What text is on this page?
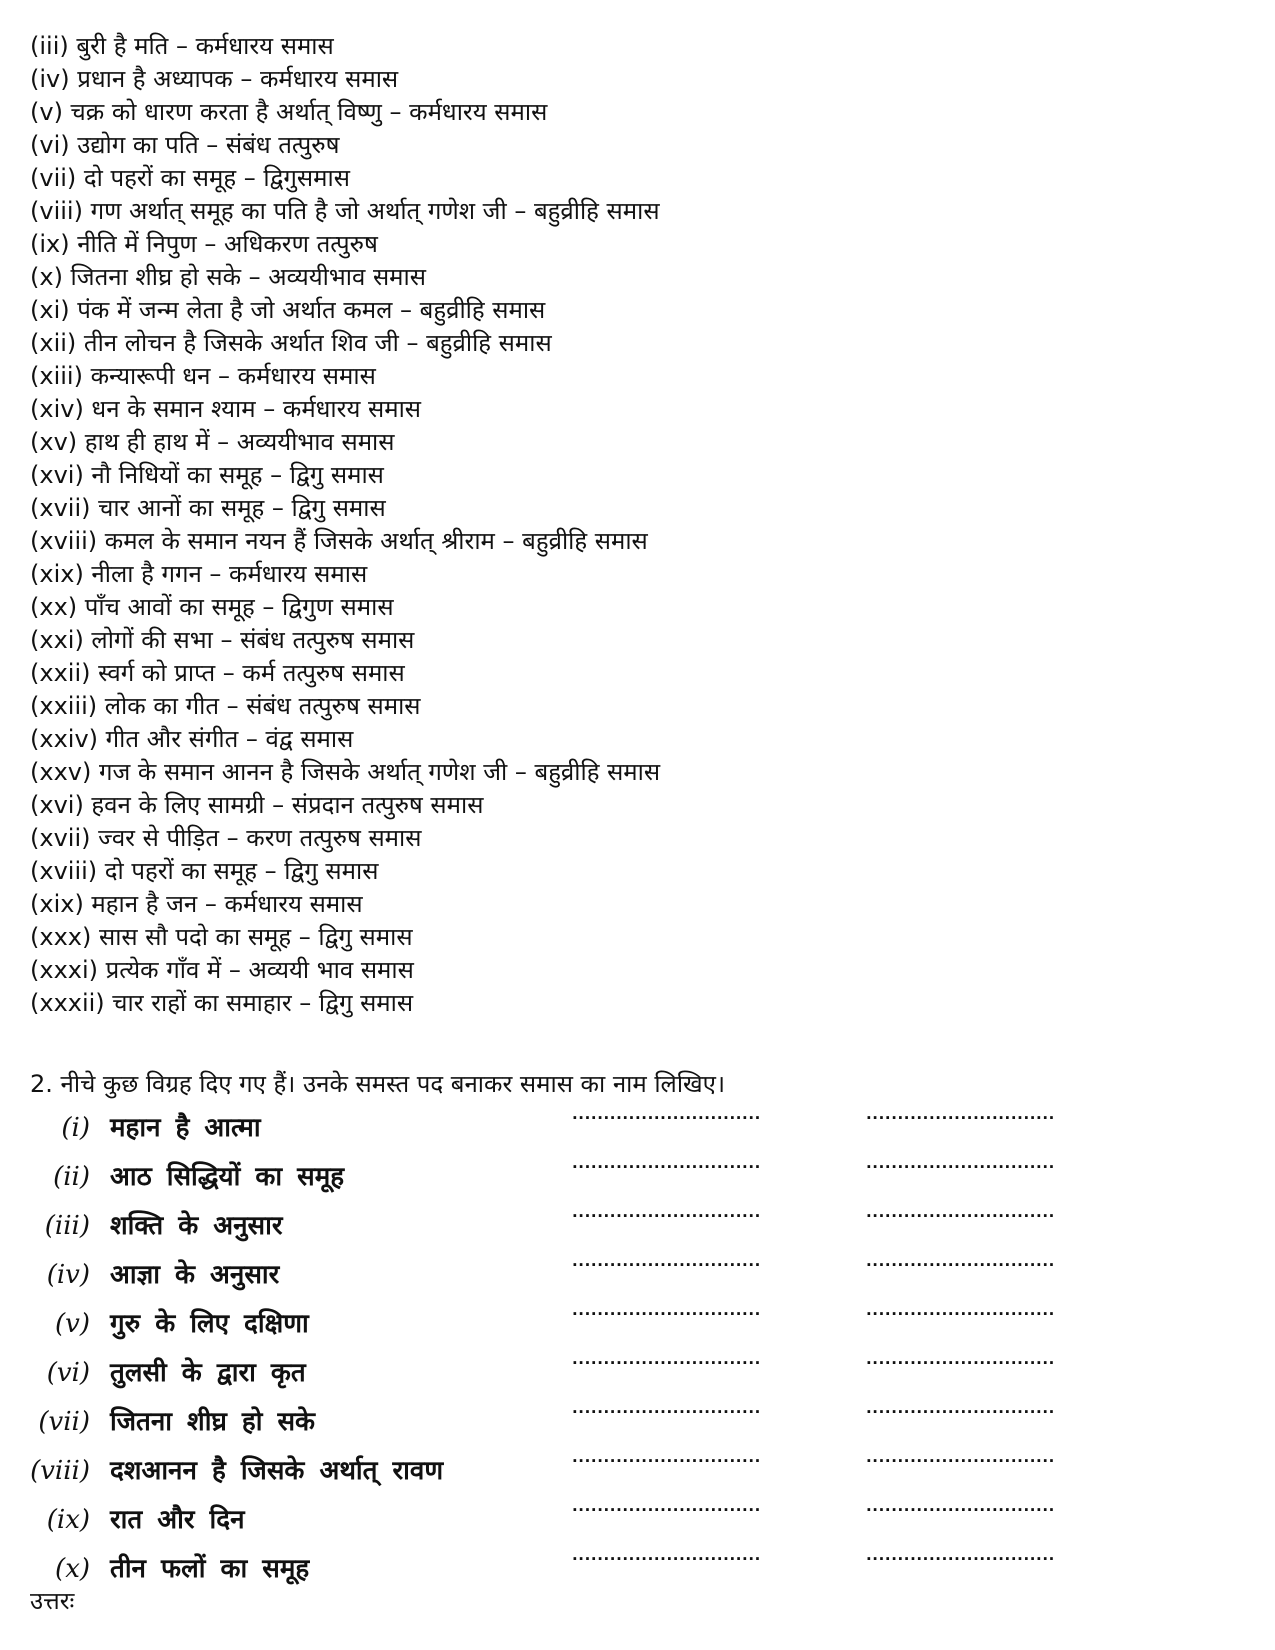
(iii) बुरी है मति – कर्मधारय समास
(iv) प्रधान है अध्यापक – कर्मधारय समास
(v) चक्र को धारण करता है अर्थात् विष्णु – कर्मधारय समास
(vi) उद्योग का पति – संबंध तत्पुरुष
(vii) दो पहरों का समूह – द्विगुसमास
(viii) गण अर्थात् समूह का पति है जो अर्थात् गणेश जी – बहुव्रीहि समास
(ix) नीति में निपुण – अधिकरण तत्पुरुष
(x) जितना शीघ्र हो सके – अव्ययीभाव समास
(xi) पंक में जन्म लेता है जो अर्थात कमल – बहुव्रीहि समास
(xii) तीन लोचन है जिसके अर्थात शिव जी – बहुव्रीहि समास
(xiii) कन्यारूपी धन – कर्मधारय समास
(xiv) धन के समान श्याम – कर्मधारय समास
(xv) हाथ ही हाथ में – अव्ययीभाव समास
(xvi) नौ निधियों का समूह – द्विगु समास
(xvii) चार आनों का समूह – द्विगु समास
(xviii) कमल के समान नयन हैं जिसके अर्थात् श्रीराम – बहुव्रीहि समास
(xix) नीला है गगन – कर्मधारय समास
(xx) पाँच आवों का समूह – द्विगुण समास
(xxi) लोगों की सभा – संबंध तत्पुरुष समास
(xxii) स्वर्ग को प्राप्त – कर्म तत्पुरुष समास
(xxiii) लोक का गीत – संबंध तत्पुरुष समास
(xxiv) गीत और संगीत – वंद्व समास
(xxv) गज के समान आनन है जिसके अर्थात् गणेश जी – बहुव्रीहि समास
(xvi) हवन के लिए सामग्री – संप्रदान तत्पुरुष समास
(xvii) ज्वर से पीड़ित – करण तत्पुरुष समास
(xviii) दो पहरों का समूह – द्विगु समास
(xix) महान है जन – कर्मधारय समास
(xxx) सास सौ पदो का समूह – द्विगु समास
(xxxi) प्रत्येक गाँव में – अव्ययी भाव समास
(xxxii) चार राहों का समाहार – द्विगु समास
2. नीचे कुछ विग्रह दिए गए हैं। उनके समस्त पद बनाकर समास का नाम लिखिए।
(i) महान है आत्मा	..............................	..............................
(ii) आठ सिद्धियों का समूह	..............................	..............................
(iii) शक्ति के अनुसार	..............................	..............................
(iv) आज्ञा के अनुसार	..............................	..............................
(v) गुरु के लिए दक्षिणा	..............................	..............................
(vi) तुलसी के द्वारा कृत	..............................	..............................
(vii) जितना शीघ्र हो सके	..............................	..............................
(viii) दशआनन है जिसके अर्थात् रावण	..............................	..............................
(ix) रात और दिन	..............................	..............................
(x) तीन फलों का समूह	..............................	..............................
उत्तरः
